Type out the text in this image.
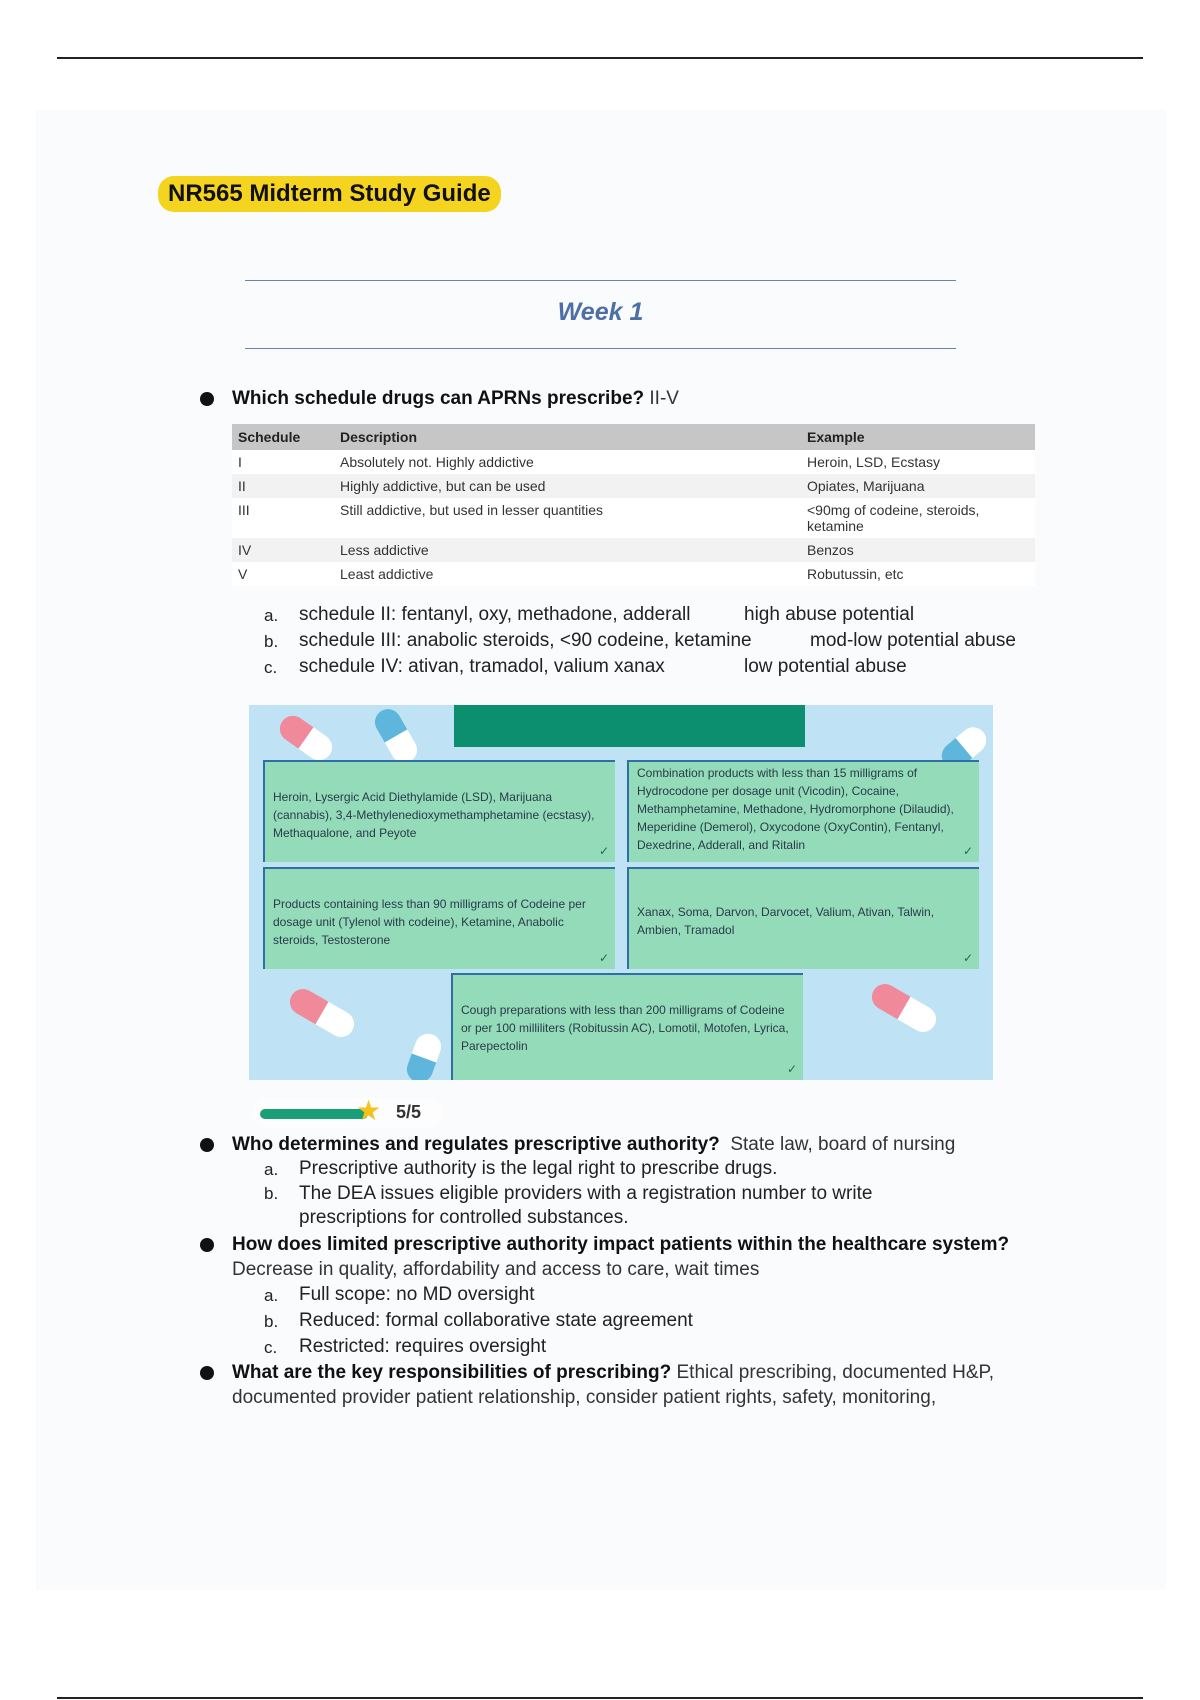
NR565 Midterm Study Guide
Week 1
Which schedule drugs can APRNs prescribe? II-V
Schedule	Description	Example
I	Absolutely not. Highly addictive	Heroin, LSD, Ecstasy
II	Highly addictive, but can be used	Opiates, Marijuana
III	Still addictive, but used in lesser quantities	<90mg of codeine, steroids, ketamine
IV	Less addictive	Benzos
V	Least addictive	Robutussin, etc
a. schedule II: fentanyl, oxy, methadone, adderall	high abuse potential
b. schedule III: anabolic steroids, <90 codeine, ketamine	mod-low potential abuse
c. schedule IV: ativan, tramadol, valium xanax	low potential abuse
Heroin, Lysergic Acid Diethylamide (LSD), Marijuana (cannabis), 3,4-Methylenedioxymethamphetamine (ecstasy), Methaqualone, and Peyote
✓
Combination products with less than 15 milligrams of Hydrocodone per dosage unit (Vicodin), Cocaine, Methamphetamine, Methadone, Hydromorphone (Dilaudid), Meperidine (Demerol), Oxycodone (OxyContin), Fentanyl, Dexedrine, Adderall, and Ritalin	✓
Products containing less than 90 milligrams of Codeine per dosage unit (Tylenol with codeine), Ketamine, Anabolic steroids, Testosterone
✓
Xanax, Soma, Darvon, Darvocet, Valium, Ativan, Talwin, Ambien, Tramadol
✓
Cough preparations with less than 200 milligrams of Codeine or per 100 milliliters (Robitussin AC), Lomotil, Motofen, Lyrica, Parepectolin
✓
★ 5/5
Who determines and regulates prescriptive authority? State law, board of nursing
a. Prescriptive authority is the legal right to prescribe drugs.
b. The DEA issues eligible providers with a registration number to write prescriptions for controlled substances.
How does limited prescriptive authority impact patients within the healthcare system? Decrease in quality, affordability and access to care, wait times
a. Full scope: no MD oversight
b. Reduced: formal collaborative state agreement
c. Restricted: requires oversight
What are the key responsibilities of prescribing? Ethical prescribing, documented H&P, documented provider patient relationship, consider patient rights, safety, monitoring,
